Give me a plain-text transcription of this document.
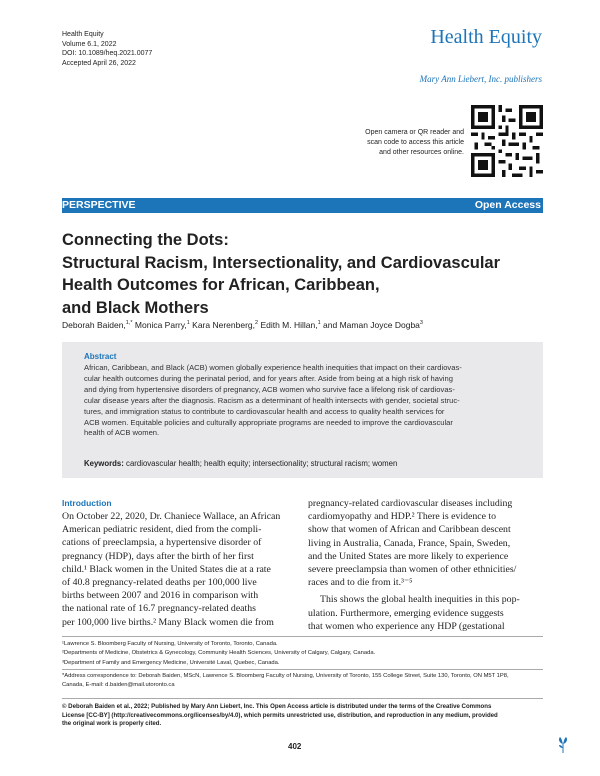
Health Equity
Volume 6.1, 2022
DOI: 10.1089/heq.2021.0077
Accepted April 26, 2022
Health Equity
Mary Ann Liebert, Inc. publishers
Open camera or QR reader and
scan code to access this article
and other resources online.
PERSPECTIVE	Open Access
Connecting the Dots:
Structural Racism, Intersectionality, and Cardiovascular
Health Outcomes for African, Caribbean,
and Black Mothers
Deborah Baiden,$^{1,*}$ Monica Parry,$^1$ Kara Nerenberg,$^2$ Edith M. Hillan,$^1$ and Maman Joyce Dogba$^3$
Abstract
African, Caribbean, and Black (ACB) women globally experience health inequities that impact on their cardiovas-
cular health outcomes during the perinatal period, and for years after. Aside from being at a high risk of having
and dying from hypertensive disorders of pregnancy, ACB women who survive face a lifelong risk of cardiovas-
cular disease years after the diagnosis. Racism as a determinant of health intersects with gender, societal struc-
tures, and immigration status to contribute to cardiovascular health and access to quality health services for
ACB women. Equitable policies and culturally appropriate programs are needed to improve the cardiovascular
health of ACB women.
Keywords: cardiovascular health; health equity; intersectionality; structural racism; women
Introduction
On October 22, 2020, Dr. Chaniece Wallace, an African
American pediatric resident, died from the compli-
cations of preeclampsia, a hypertensive disorder of
pregnancy (HDP), days after the birth of her first
child.¹ Black women in the United States die at a rate
of 40.8 pregnancy-related deaths per 100,000 live
births between 2007 and 2016 in comparison with
the national rate of 16.7 pregnancy-related deaths
per 100,000 live births.² Many Black women die from
pregnancy-related cardiovascular diseases including
cardiomyopathy and HDP.² There is evidence to
show that women of African and Caribbean descent
living in Australia, Canada, France, Spain, Sweden,
and the United States are more likely to experience
severe preeclampsia than women of other ethnicities/
races and to die from it.³⁻⁵
This shows the global health inequities in this pop-
ulation. Furthermore, emerging evidence suggests
that women who experience any HDP (gestational
¹Lawrence S. Bloomberg Faculty of Nursing, University of Toronto, Toronto, Canada.
²Departments of Medicine, Obstetrics & Gynecology, Community Health Sciences, University of Calgary, Calgary, Canada.
³Department of Family and Emergency Medicine, Université Laval, Quebec, Canada.
*Address correspondence to: Deborah Baiden, MScN, Lawrence S. Bloomberg Faculty of Nursing, University of Toronto, 155 College Street, Suite 130, Toronto, ON M5T 1P8,
Canada, E-mail: d.baiden@mail.utoronto.ca
© Deborah Baiden et al., 2022; Published by Mary Ann Liebert, Inc. This Open Access article is distributed under the terms of the Creative Commons
License [CC-BY] (http://creativecommons.org/licenses/by/4.0), which permits unrestricted use, distribution, and reproduction in any medium, provided
the original work is properly cited.
402
